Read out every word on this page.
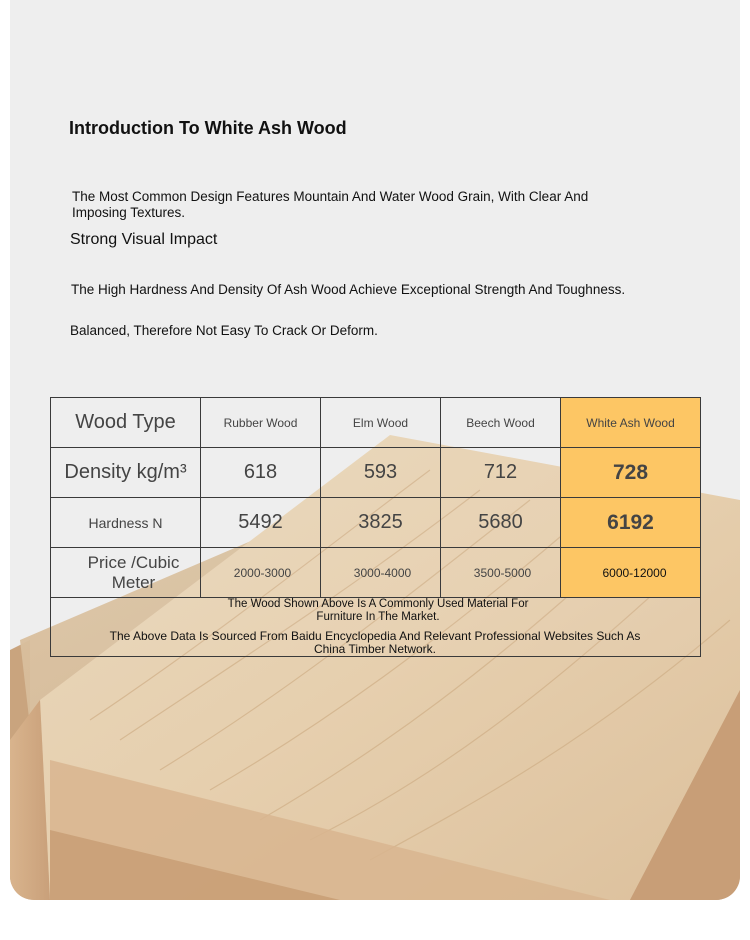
Introduction To White Ash Wood
The Most Common Design Features Mountain And Water Wood Grain, With Clear And Imposing Textures.
Strong Visual Impact
The High Hardness And Density Of Ash Wood Achieve Exceptional Strength And Toughness.
Balanced, Therefore Not Easy To Crack Or Deform.
Wood Type	Rubber Wood	Elm Wood	Beech Wood	White Ash Wood
Density kg/m³	618	593	712	728
Hardness N	5492	3825	5680	6192
Price /Cubic Meter	2000-3000	3000-4000	3500-5000	6000-12000

The Wood Shown Above Is A Commonly Used Material For Furniture In The Market.
The Above Data Is Sourced From Baidu Encyclopedia And Relevant Professional Websites Such As China Timber Network.				
